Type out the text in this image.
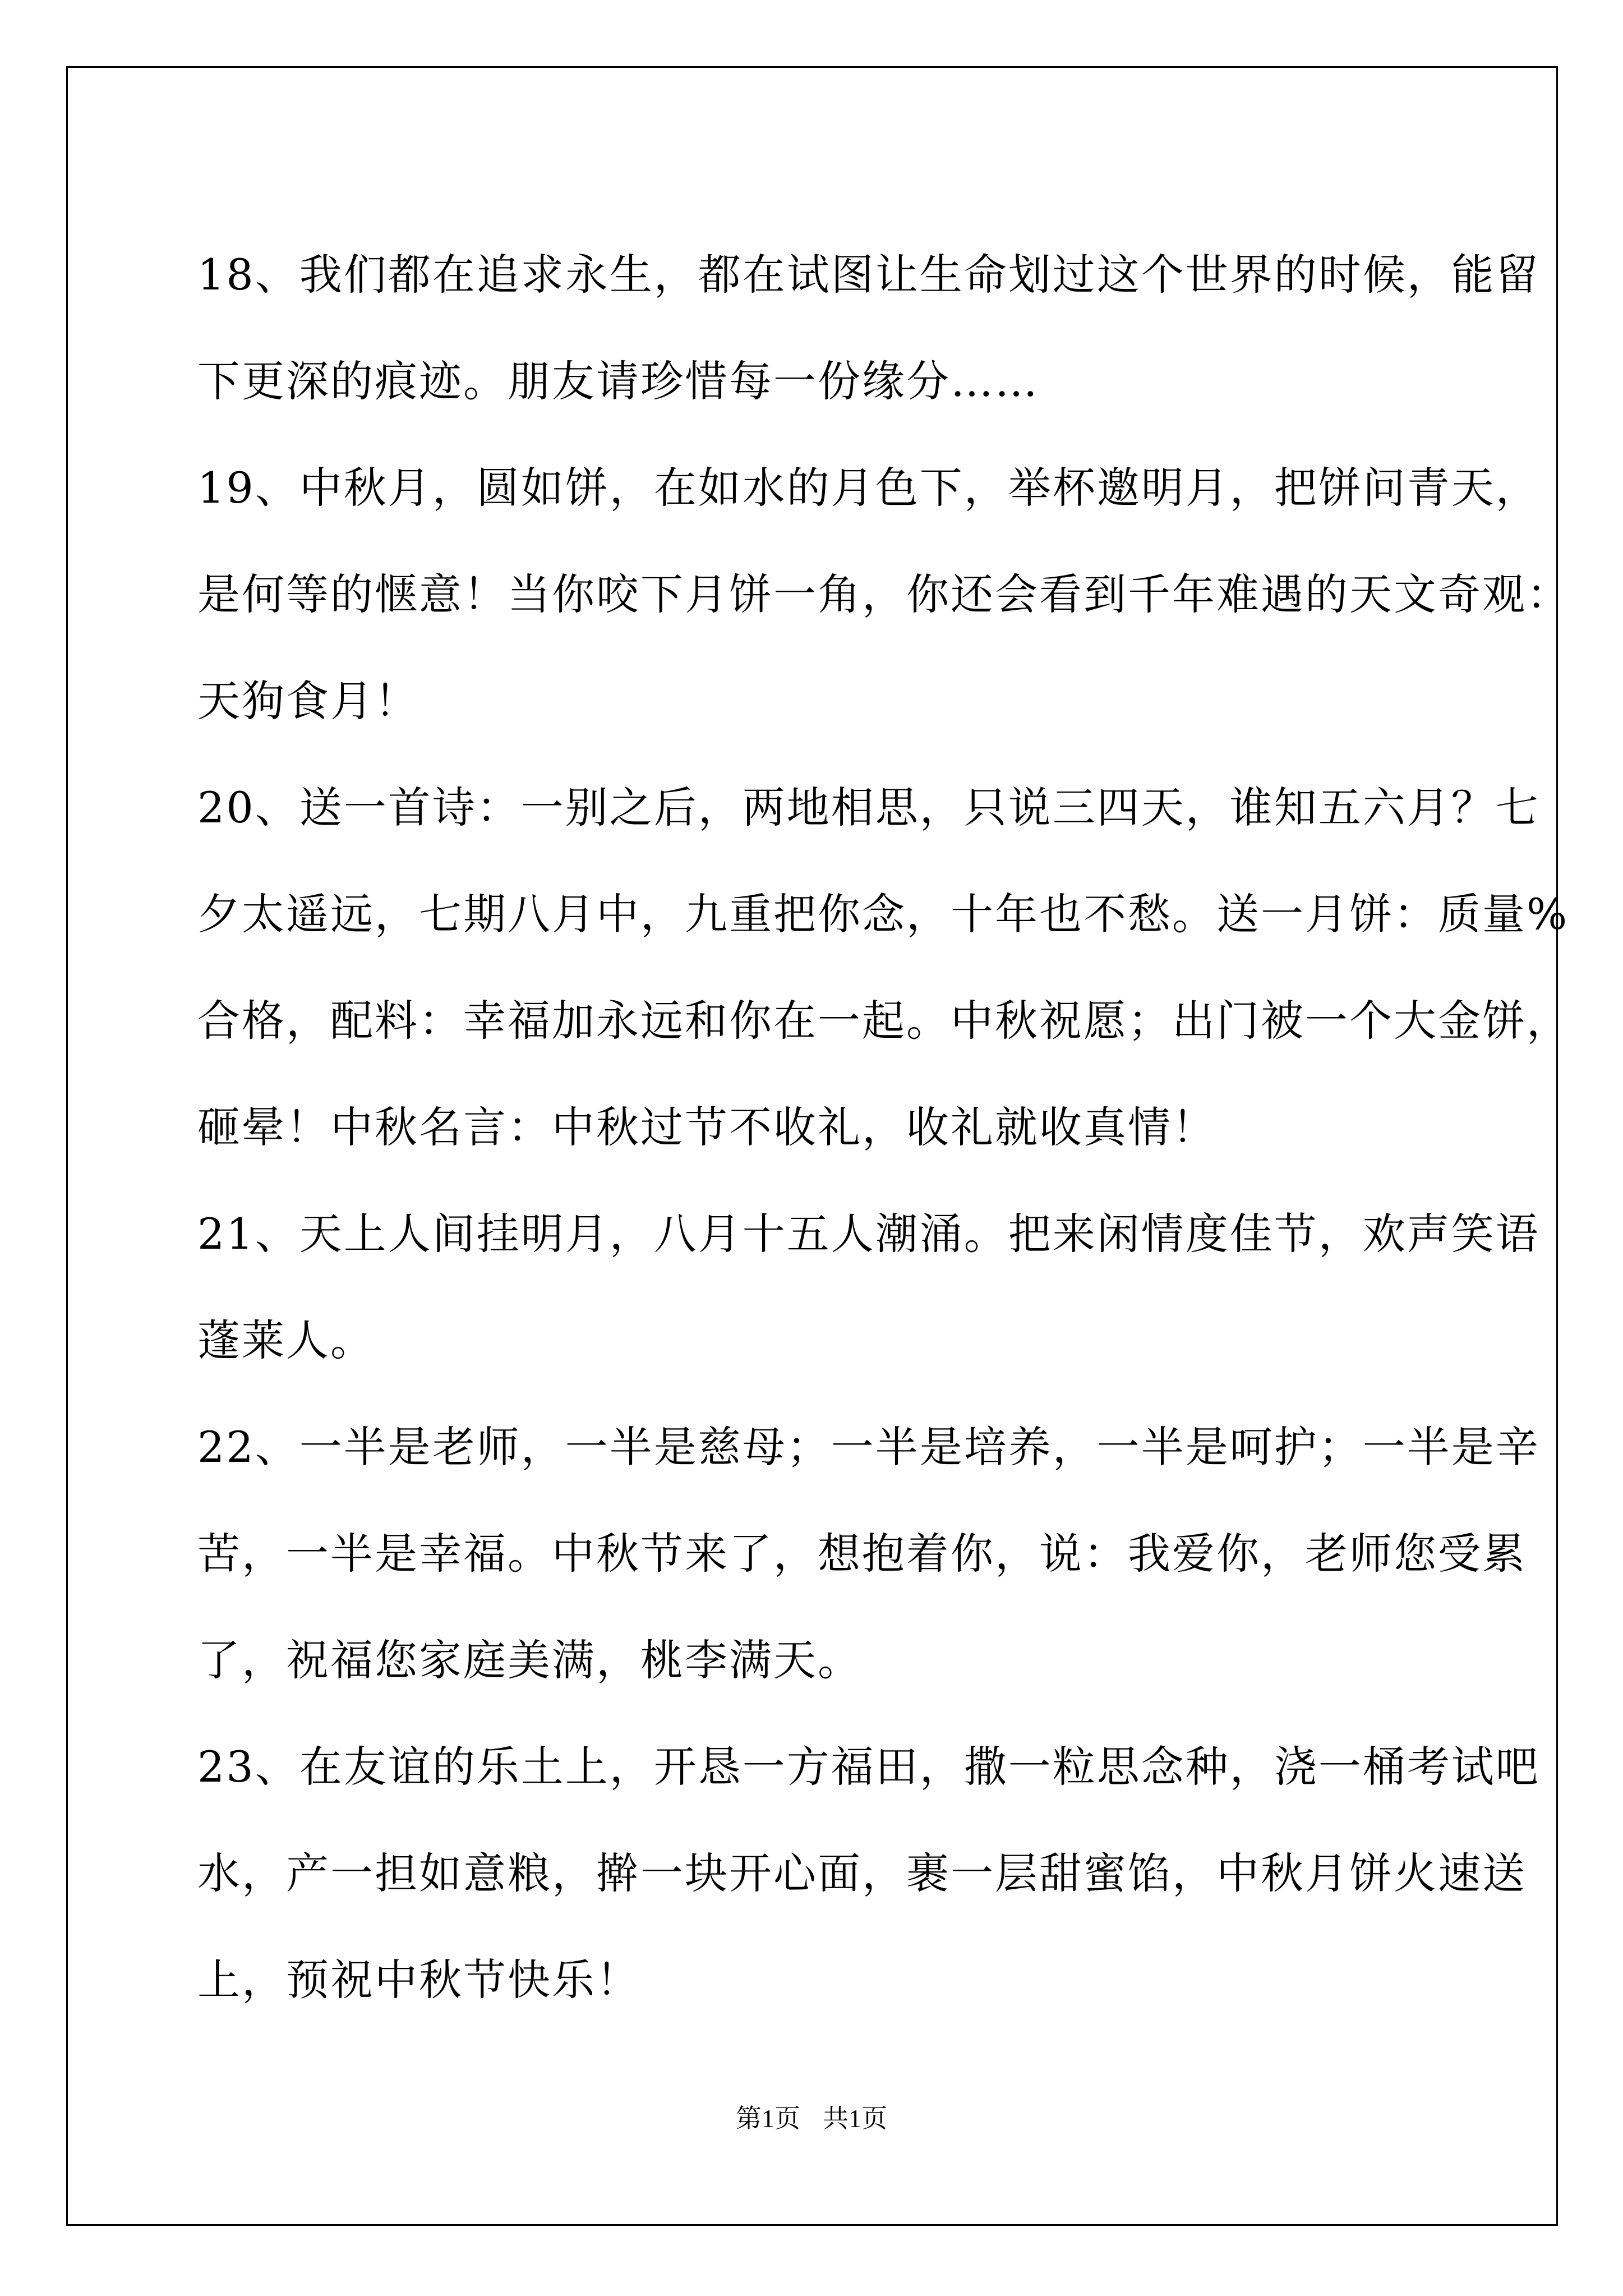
18、我们都在追求永生，都在试图让生命划过这个世界的时候，能留
下更深的痕迹。朋友请珍惜每一份缘分……
19、中秋月，圆如饼，在如水的月色下，举杯邀明月，把饼问青天，
是何等的惬意！当你咬下月饼一角，你还会看到千年难遇的天文奇观：
天狗食月！
20、送一首诗：一别之后，两地相思，只说三四天，谁知五六月？七
夕太遥远，七期八月中，九重把你念，十年也不愁。送一月饼：质量%
合格，配料：幸福加永远和你在一起。中秋祝愿；出门被一个大金饼，
砸晕！中秋名言：中秋过节不收礼，收礼就收真情！
21、天上人间挂明月，八月十五人潮涌。把来闲情度佳节，欢声笑语
蓬莱人。
22、一半是老师，一半是慈母；一半是培养，一半是呵护；一半是辛
苦，一半是幸福。中秋节来了，想抱着你，说：我爱你，老师您受累
了，祝福您家庭美满，桃李满天。
23、在友谊的乐土上，开恳一方福田，撒一粒思念种，浇一桶考试吧
水，产一担如意粮，擀一块开心面，裹一层甜蜜馅，中秋月饼火速送
上，预祝中秋节快乐！
第1页 共1页
